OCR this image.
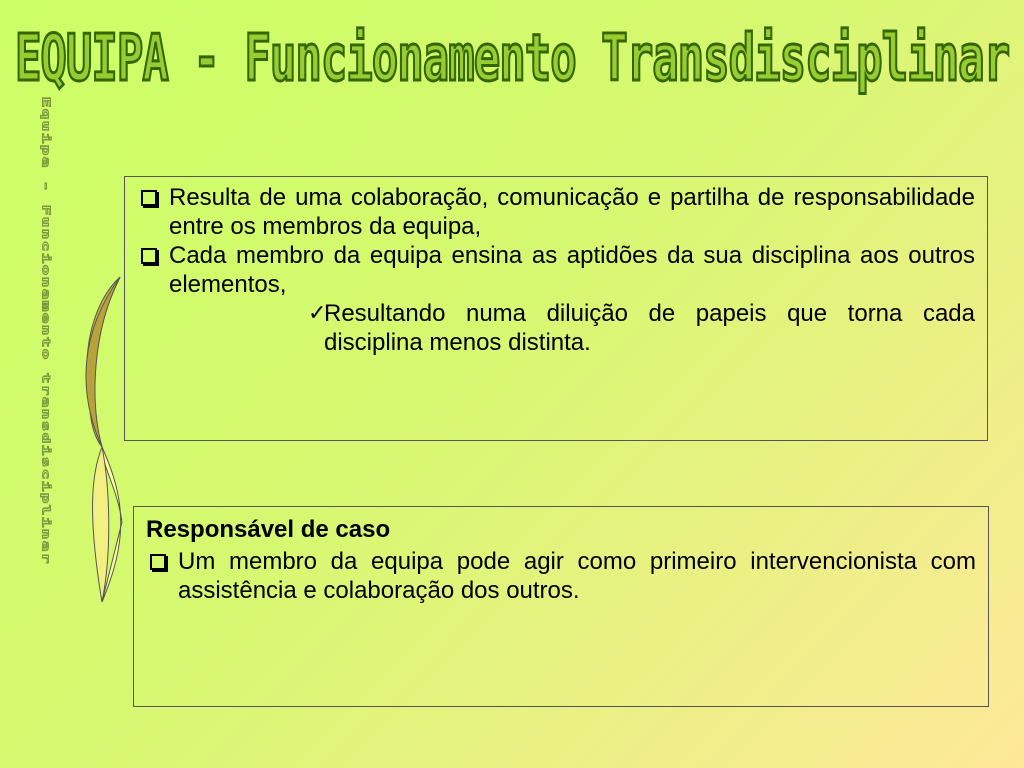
EQUIPA - Funcionamento Transdisciplinar
E
q
u
i
p
a

-

F
u
n
c
i
o
n
a
m
e
n
t
o

t
r
a
n
s
d
i
s
c
i
p
l
i
n
a
r
Resulta de uma colaboração, comunicação e partilha de responsabilidade entre os membros da equipa,
Cada membro da equipa ensina as aptidões da sua disciplina aos outros elementos,
✓
Resultando numa diluição de papeis que torna cada disciplina menos distinta.
Responsável de caso
Um membro da equipa pode agir como primeiro intervencionista com assistência e colaboração dos outros.
